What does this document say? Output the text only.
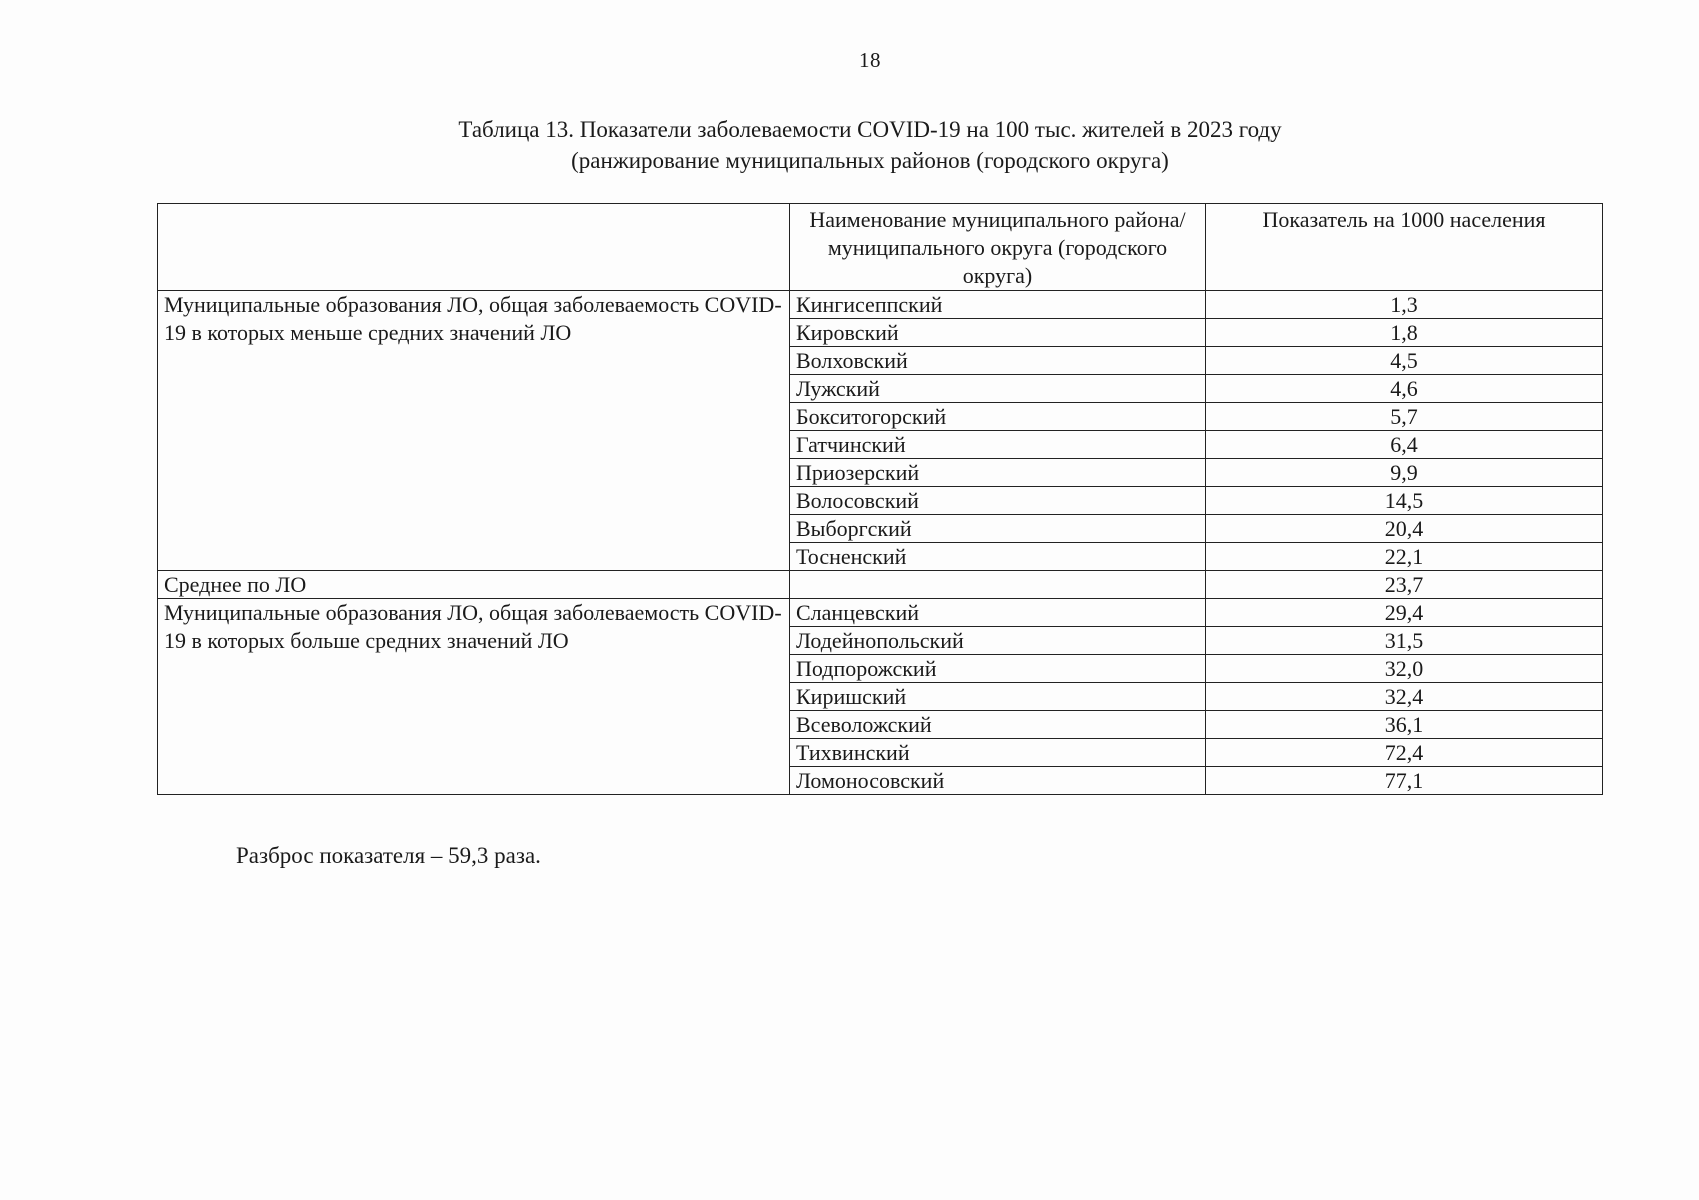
18
Таблица 13. Показатели заболеваемости COVID-19 на 100 тыс. жителей в 2023 году
(ранжирование муниципальных районов (городского округа)
	Наименование муниципального района/муниципального округа (городского округа)	Показатель на 1000 населения
Муниципальные образования ЛО, общая заболеваемость COVID-19 в которых меньше средних значений ЛО	Кингисеппский	1,3
	Кировский	1,8
	Волховский	4,5
	Лужский	4,6
	Бокситогорский	5,7
	Гатчинский	6,4
	Приозерский	9,9
	Волосовский	14,5
	Выборгский	20,4
	Тосненский	22,1
Среднее по ЛО		23,7
Муниципальные образования ЛО, общая заболеваемость COVID-19 в которых больше средних значений ЛО	Сланцевский	29,4
	Лодейнопольский	31,5
	Подпорожский	32,0
	Киришский	32,4
	Всеволожский	36,1
	Тихвинский	72,4
	Ломоносовский	77,1
Разброс показателя – 59,3 раза.
